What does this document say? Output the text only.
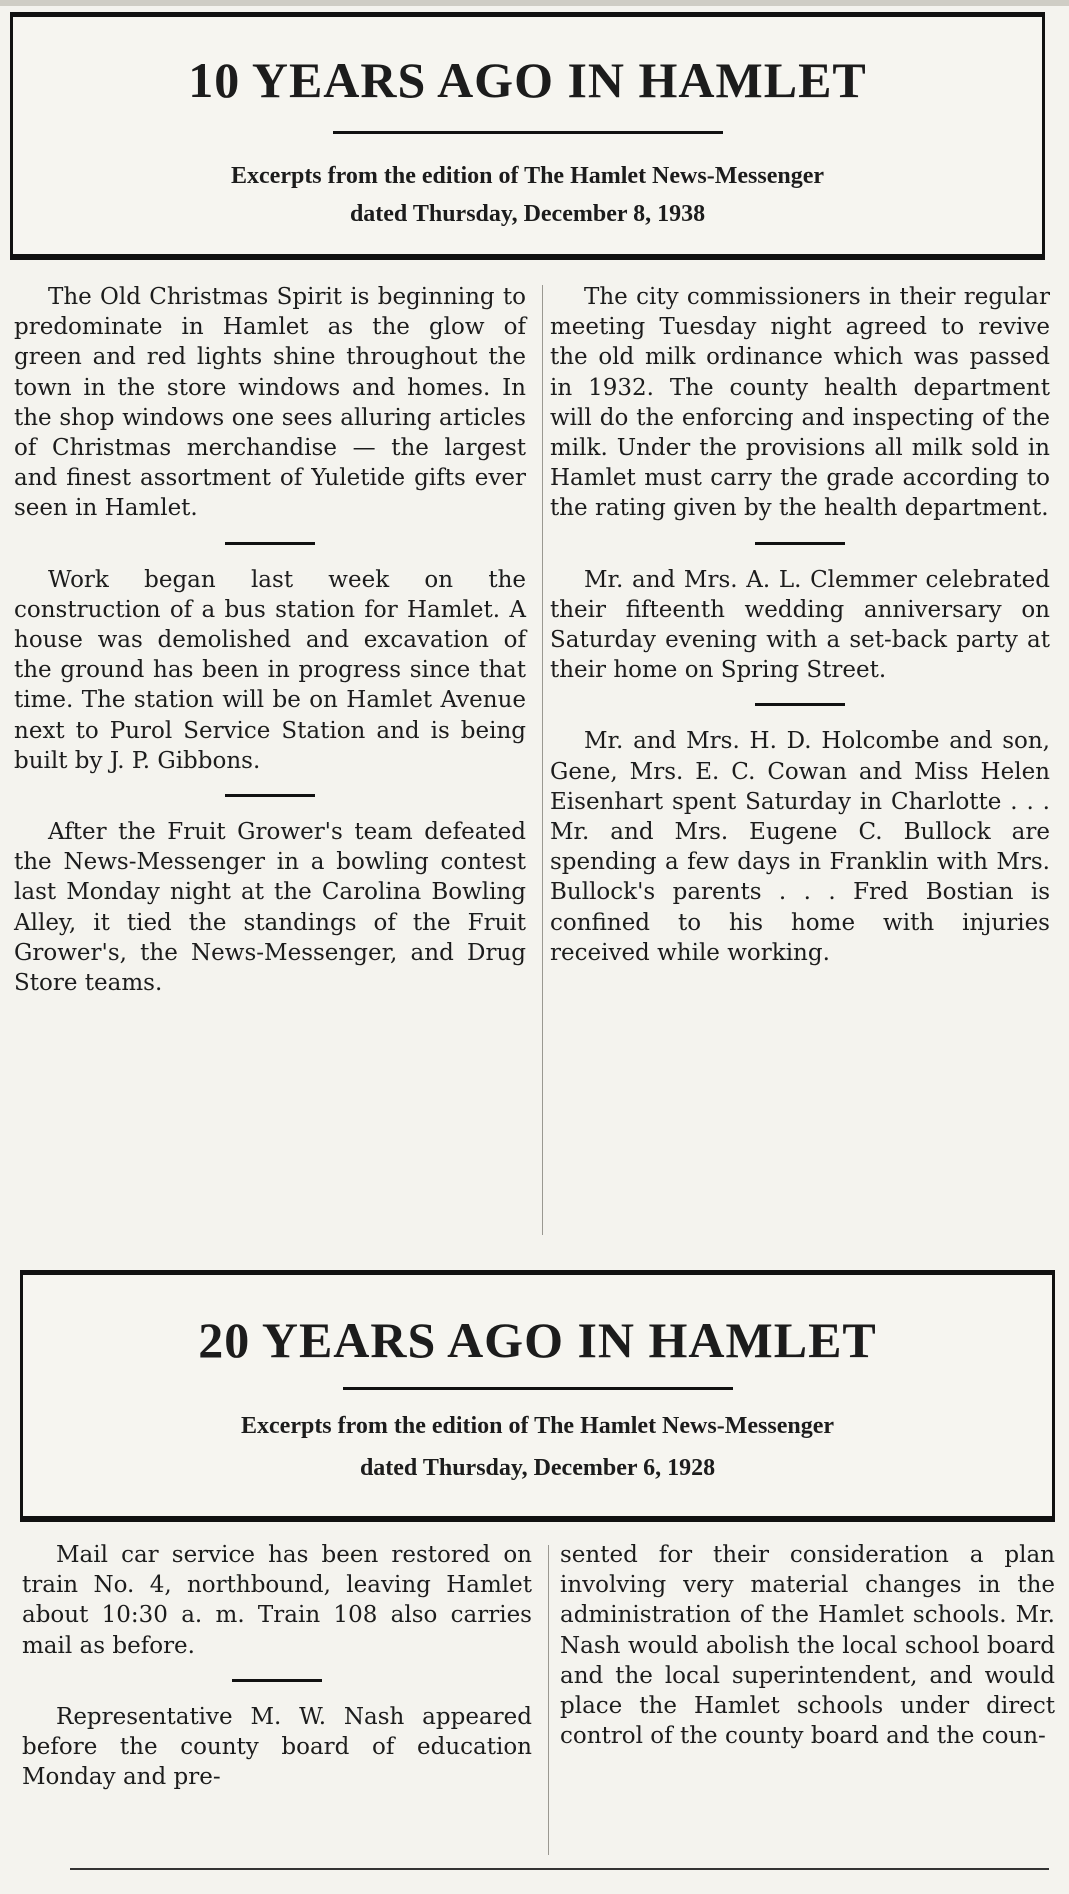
10 YEARS AGO IN HAMLET
Excerpts from the edition of The Hamlet News-Messenger
dated Thursday, December 8, 1938

The Old Christmas Spirit is beginning to predominate in Hamlet as the glow of green and red lights shine throughout the town in the store windows and homes. In the shop windows one sees alluring articles of Christmas merchandise — the largest and finest assortment of Yuletide gifts ever seen in Hamlet.

Work began last week on the construction of a bus station for Hamlet. A house was demolished and excavation of the ground has been in progress since that time. The station will be on Hamlet Avenue next to Purol Service Station and is being built by J. P. Gibbons.

After the Fruit Grower's team defeated the News-Messenger in a bowling contest last Monday night at the Carolina Bowling Alley, it tied the standings of the Fruit Grower's, the News-Messenger, and Drug Store teams.

The city commissioners in their regular meeting Tuesday night agreed to revive the old milk ordinance which was passed in 1932. The county health department will do the enforcing and inspecting of the milk. Under the provisions all milk sold in Hamlet must carry the grade according to the rating given by the health department.

Mr. and Mrs. A. L. Clemmer celebrated their fifteenth wedding anniversary on Saturday evening with a set-back party at their home on Spring Street.

Mr. and Mrs. H. D. Holcombe and son, Gene, Mrs. E. C. Cowan and Miss Helen Eisenhart spent Saturday in Charlotte . . . Mr. and Mrs. Eugene C. Bullock are spending a few days in Franklin with Mrs. Bullock's parents . . . Fred Bostian is confined to his home with injuries received while working.

20 YEARS AGO IN HAMLET
Excerpts from the edition of The Hamlet News-Messenger
dated Thursday, December 6, 1928

Mail car service has been restored on train No. 4, northbound, leaving Hamlet about 10:30 a. m. Train 108 also carries mail as before.

Representative M. W. Nash appeared before the county board of education Monday and pre-

sented for their consideration a plan involving very material changes in the administration of the Hamlet schools. Mr. Nash would abolish the local school board and the local superintendent, and would place the Hamlet schools under direct control of the county board and the coun-
